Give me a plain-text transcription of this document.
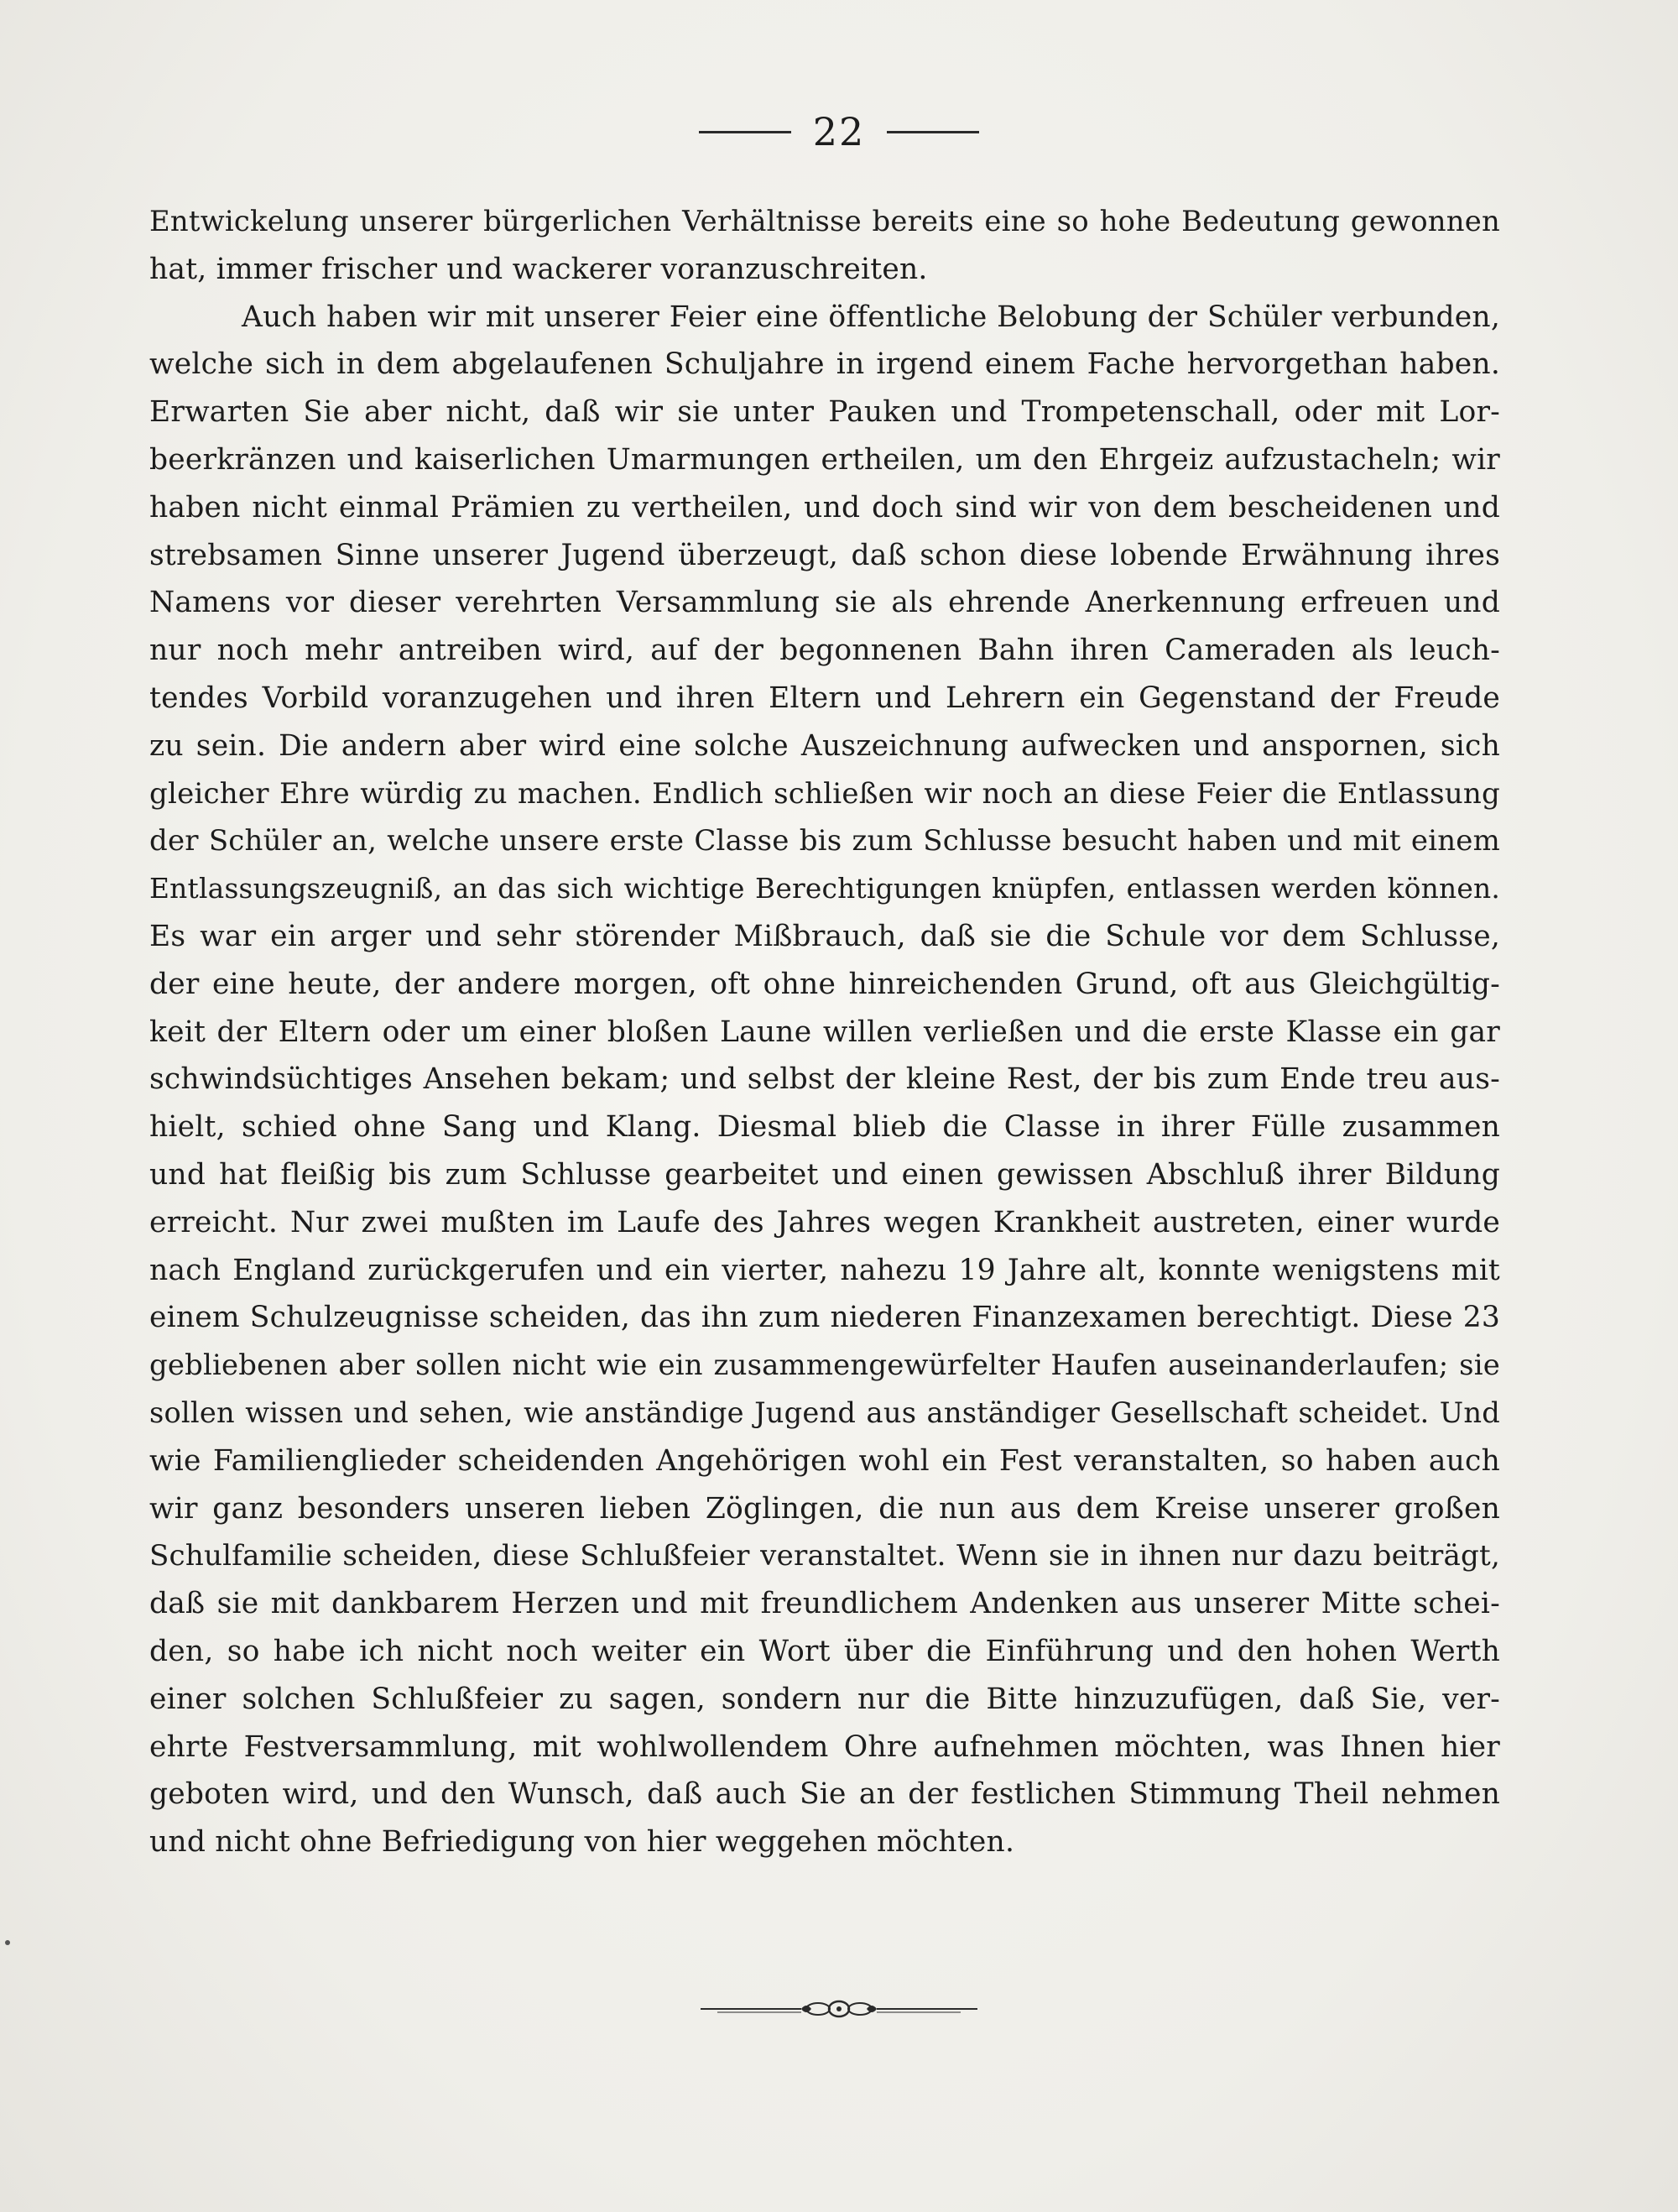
22
Entwickelung unserer bürgerlichen Verhältnisse bereits eine so hohe Bedeutung gewonnen
hat, immer frischer und wackerer voranzuschreiten.
Auch haben wir mit unserer Feier eine öffentliche Belobung der Schüler verbunden,
welche sich in dem abgelaufenen Schuljahre in irgend einem Fache hervorgethan haben.
Erwarten Sie aber nicht, daß wir sie unter Pauken und Trompetenschall, oder mit Lor-
beerkränzen und kaiserlichen Umarmungen ertheilen, um den Ehrgeiz aufzustacheln; wir
haben nicht einmal Prämien zu vertheilen, und doch sind wir von dem bescheidenen und
strebsamen Sinne unserer Jugend überzeugt, daß schon diese lobende Erwähnung ihres
Namens vor dieser verehrten Versammlung sie als ehrende Anerkennung erfreuen und
nur noch mehr antreiben wird, auf der begonnenen Bahn ihren Cameraden als leuch-
tendes Vorbild voranzugehen und ihren Eltern und Lehrern ein Gegenstand der Freude
zu sein. Die andern aber wird eine solche Auszeichnung aufwecken und anspornen, sich
gleicher Ehre würdig zu machen. Endlich schließen wir noch an diese Feier die Entlassung
der Schüler an, welche unsere erste Classe bis zum Schlusse besucht haben und mit einem
Entlassungszeugniß, an das sich wichtige Berechtigungen knüpfen, entlassen werden können.
Es war ein arger und sehr störender Mißbrauch, daß sie die Schule vor dem Schlusse,
der eine heute, der andere morgen, oft ohne hinreichenden Grund, oft aus Gleichgültig-
keit der Eltern oder um einer bloßen Laune willen verließen und die erste Klasse ein gar
schwindsüchtiges Ansehen bekam; und selbst der kleine Rest, der bis zum Ende treu aus-
hielt, schied ohne Sang und Klang. Diesmal blieb die Classe in ihrer Fülle zusammen
und hat fleißig bis zum Schlusse gearbeitet und einen gewissen Abschluß ihrer Bildung
erreicht. Nur zwei mußten im Laufe des Jahres wegen Krankheit austreten, einer wurde
nach England zurückgerufen und ein vierter, nahezu 19 Jahre alt, konnte wenigstens mit
einem Schulzeugnisse scheiden, das ihn zum niederen Finanzexamen berechtigt. Diese 23
gebliebenen aber sollen nicht wie ein zusammengewürfelter Haufen auseinanderlaufen; sie
sollen wissen und sehen, wie anständige Jugend aus anständiger Gesellschaft scheidet. Und
wie Familienglieder scheidenden Angehörigen wohl ein Fest veranstalten, so haben auch
wir ganz besonders unseren lieben Zöglingen, die nun aus dem Kreise unserer großen
Schulfamilie scheiden, diese Schlußfeier veranstaltet. Wenn sie in ihnen nur dazu beiträgt,
daß sie mit dankbarem Herzen und mit freundlichem Andenken aus unserer Mitte schei-
den, so habe ich nicht noch weiter ein Wort über die Einführung und den hohen Werth
einer solchen Schlußfeier zu sagen, sondern nur die Bitte hinzuzufügen, daß Sie, ver-
ehrte Festversammlung, mit wohlwollendem Ohre aufnehmen möchten, was Ihnen hier
geboten wird, und den Wunsch, daß auch Sie an der festlichen Stimmung Theil nehmen
und nicht ohne Befriedigung von hier weggehen möchten.
